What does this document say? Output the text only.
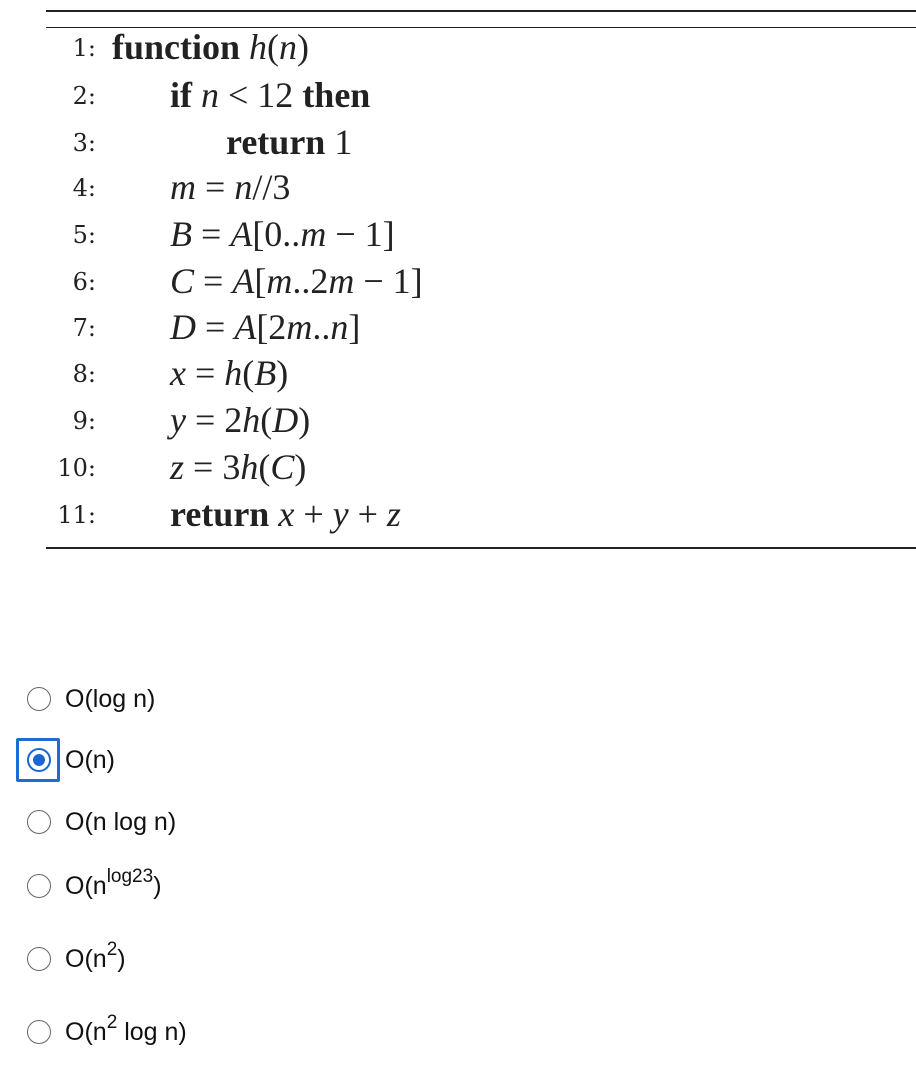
1: function h(n)
2: if n < 12 then
3:	return 1
4: m = n//3
5: B = A[0..m − 1]
6: C = A[m..2m − 1]
7: D = A[2m..n]
8: x = h(B)
9: y = 2h(D)
10: z = 3h(C)
11: return x + y + z
O(log n)
O(n)
O(n log n)
$O(n^{log23})$
$O(n^2)$
$O(n^2$ log n)
